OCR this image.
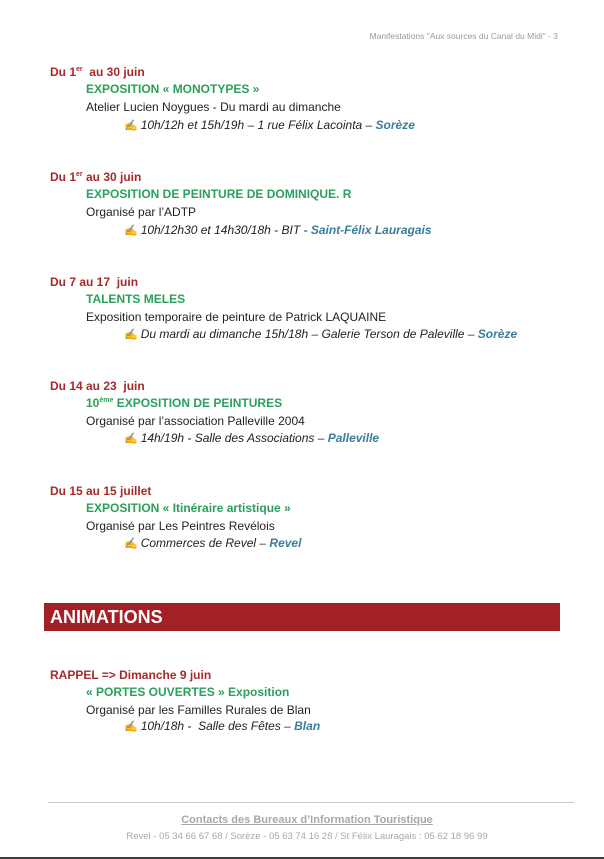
Manifestations "Aux sources du Canal du Midi" - 3
Du 1er  au 30 juin
EXPOSITION « MONOTYPES »
Atelier Lucien Noygues - Du mardi au dimanche
✍ 10h/12h et 15h/19h – 1 rue Félix Lacointa – Sorèze
Du 1er au 30 juin
EXPOSITION DE PEINTURE DE DOMINIQUE. R
Organisé par l’ADTP
✍ 10h/12h30 et 14h30/18h - BIT - Saint-Félix Lauragais
Du 7 au 17  juin
TALENTS MELES
Exposition temporaire de peinture de Patrick LAQUAINE
✍ Du mardi au dimanche 15h/18h – Galerie Terson de Paleville – Sorèze
Du 14 au 23  juin
10ème EXPOSITION DE PEINTURES
Organisé par l’association Palleville 2004
✍ 14h/19h - Salle des Associations – Palleville
Du 15 au 15 juillet
EXPOSITION « Itinéraire artistique »
Organisé par Les Peintres Revélois
✍ Commerces de Revel – Revel
ANIMATIONS
RAPPEL => Dimanche 9 juin
« PORTES OUVERTES » Exposition
Organisé par les Familles Rurales de Blan
✍ 10h/18h -  Salle des Fêtes – Blan
Contacts des Bureaux d’Information Touristique
Revel - 05 34 66 67 68 / Sorèze - 05 63 74 16 28 / St Félix Lauragais : 05 62 18 96 99
